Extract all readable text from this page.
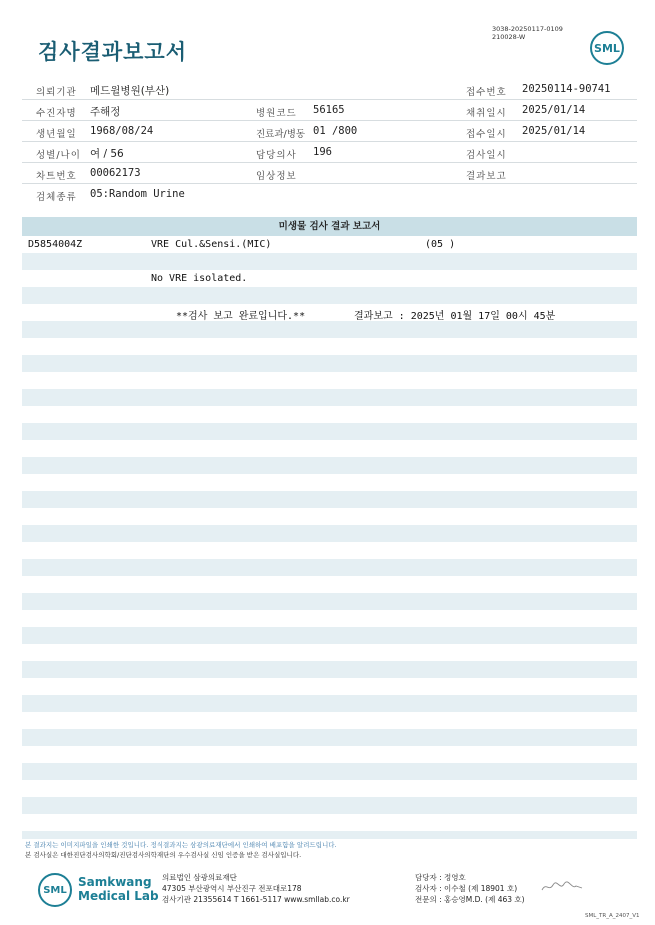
검사결과보고서
3038-20250117-0109
210028-W
SML
의뢰기관 메드윌병원(부산)	접수번호 20250114-90741
수진자명 주해정	병원코드 56165	채취일시 2025/01/14
생년월일 1968/08/24	진료과/병동 01 /800	접수일시 2025/01/14
성별/나이 여 / 56	담당의사 196	검사일시
차트번호 00062173	임상정보	결과보고
검체종류 05:Random Urine
미생물 검사 결과 보고서
D5854004Z	VRE Cul.&Sensi.(MIC)	(05 )
No VRE isolated.
**검사 보고 완료입니다.**	결과보고 : 2025년 01월 17일 00시 45분
본 결과지는 이미지파일을 인쇄한 것입니다. 정식결과지는 삼광의료재단에서 인쇄하여 배포함을 알려드립니다.
본 검사실은 대한진단검사의학회/진단검사의학재단의 우수검사실 신임 인증을 받은 검사실입니다.
SML
Samkwang
Medical Lab
의료법인 삼광의료재단
47305 부산광역시 부산진구 전포대로178
검사기관 21355614 T 1661-5117 www.smllab.co.kr
담당자 : 정영호
검사자 : 이수철 (제 18901 호)
전문의 : 홍승영M.D. (제 463 호)
SML_TR_A_2407_V1
